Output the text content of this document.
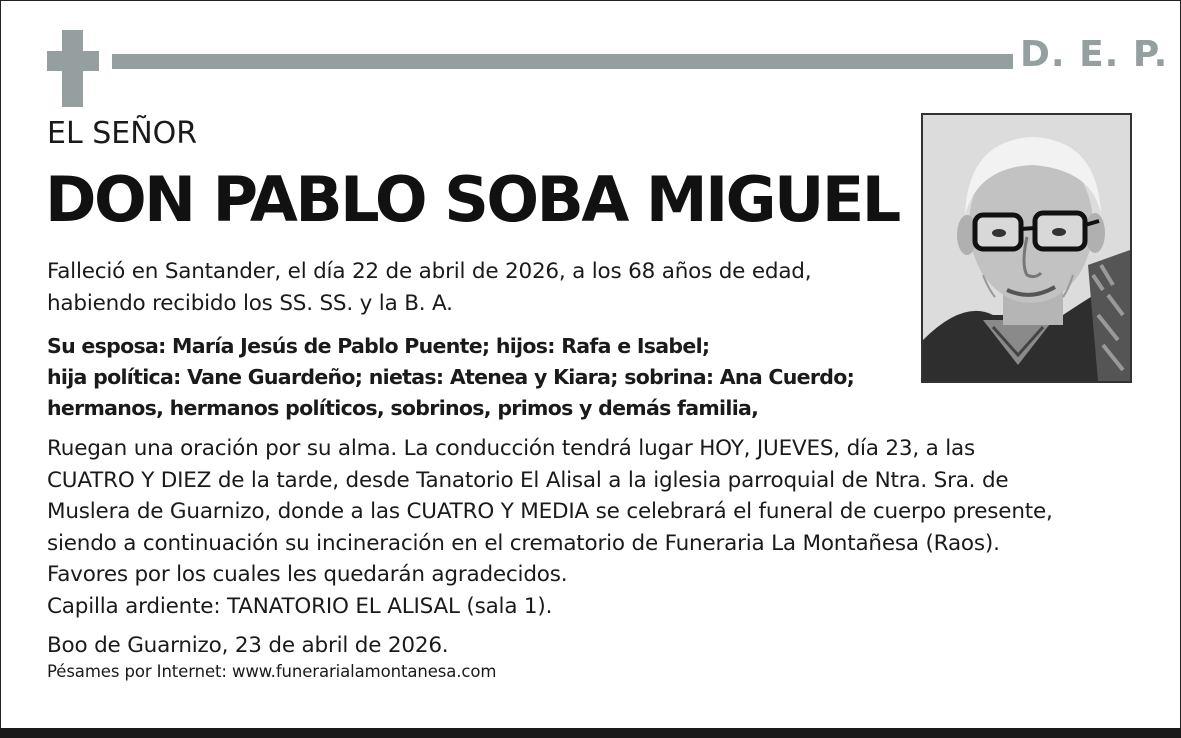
D. E. P.
EL SEÑOR
DON PABLO SOBA MIGUEL
Falleció en Santander, el día 22 de abril de 2026, a los 68 años de edad,
habiendo recibido los SS. SS. y la B. A.
Su esposa: María Jesús de Pablo Puente; hijos: Rafa e Isabel;
hija política: Vane Guardeño; nietas: Atenea y Kiara; sobrina: Ana Cuerdo;
hermanos, hermanos políticos, sobrinos, primos y demás familia,
Ruegan una oración por su alma. La conducción tendrá lugar HOY, JUEVES, día 23, a las
CUATRO Y DIEZ de la tarde, desde Tanatorio El Alisal a la iglesia parroquial de Ntra. Sra. de
Muslera de Guarnizo, donde a las CUATRO Y MEDIA se celebrará el funeral de cuerpo presente,
siendo a continuación su incineración en el crematorio de Funeraria La Montañesa (Raos).
Favores por los cuales les quedarán agradecidos.
Capilla ardiente: TANATORIO EL ALISAL (sala 1).
Boo de Guarnizo, 23 de abril de 2026.
Pésames por Internet: www.funerarialamontanesa.com
